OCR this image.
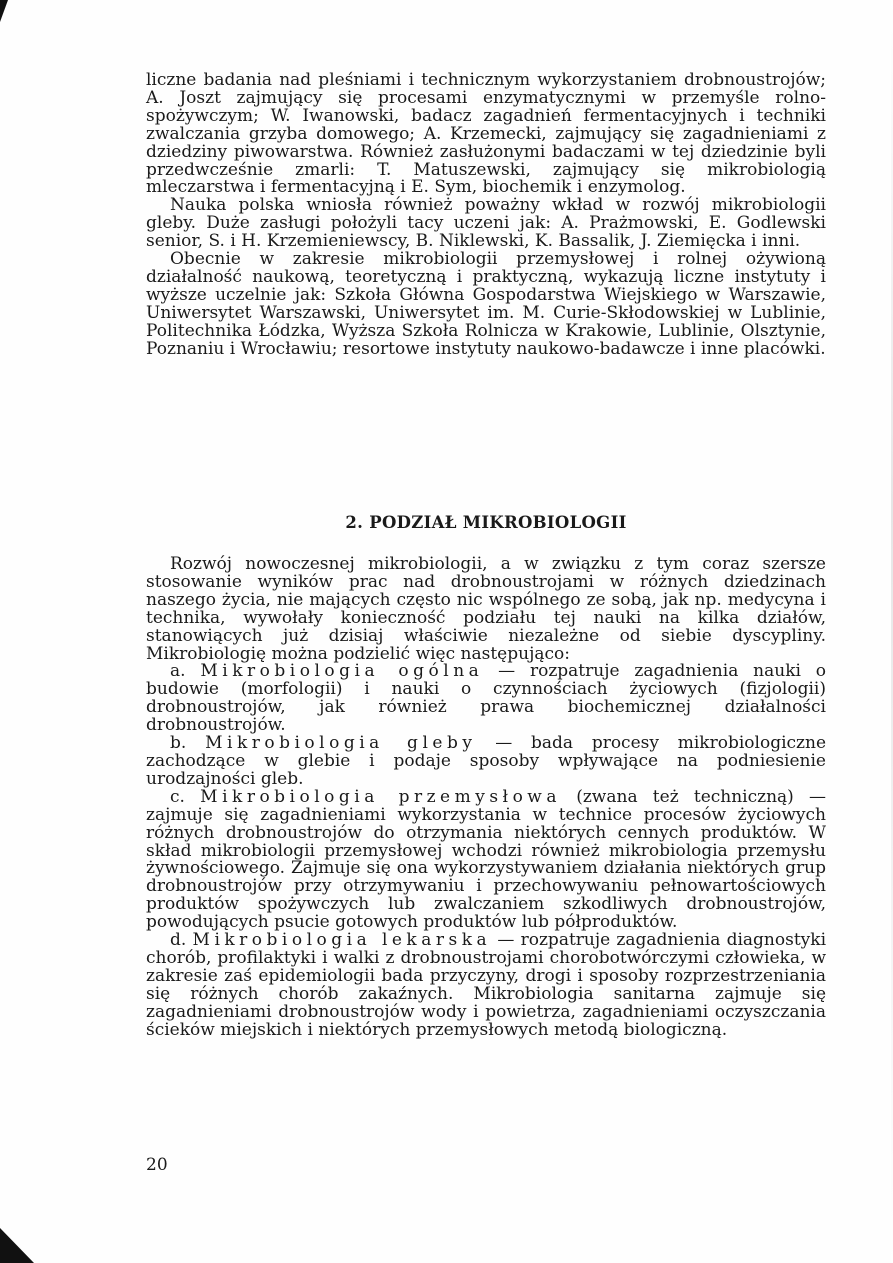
liczne badania nad pleśniami i technicznym wykorzystaniem drobnoustrojów; A. Joszt zajmujący się procesami enzymatycznymi w przemyśle rolno-spożywczym; W. Iwanowski, badacz zagadnień fermentacyjnych i techniki zwalczania grzyba domowego; A. Krzemecki, zajmujący się zagadnieniami z dziedziny piwowarstwa. Również zasłużonymi badaczami w tej dziedzinie byli przedwcześnie zmarli: T. Matuszewski, zajmujący się mikrobiologią mleczarstwa i fermentacyjną i E. Sym, biochemik i enzymolog.

Nauka polska wniosła również poważny wkład w rozwój mikrobiologii gleby. Duże zasługi położyli tacy uczeni jak: A. Prażmowski, E. Godlewski senior, S. i H. Krzemieniewscy, B. Niklewski, K. Bassalik, J. Ziemięcka i inni.

Obecnie w zakresie mikrobiologii przemysłowej i rolnej ożywioną działalność naukową, teoretyczną i praktyczną, wykazują liczne instytuty i wyższe uczelnie jak: Szkoła Główna Gospodarstwa Wiejskiego w Warszawie, Uniwersytet Warszawski, Uniwersytet im. M. Curie-Skłodowskiej w Lublinie, Politechnika Łódzka, Wyższa Szkoła Rolnicza w Krakowie, Lublinie, Olsztynie, Poznaniu i Wrocławiu; resortowe instytuty naukowo-badawcze i inne placówki.

2. PODZIAŁ MIKROBIOLOGII

Rozwój nowoczesnej mikrobiologii, a w związku z tym coraz szersze stosowanie wyników prac nad drobnoustrojami w różnych dziedzinach naszego życia, nie mających często nic wspólnego ze sobą, jak np. medycyna i technika, wywołały konieczność podziału tej nauki na kilka działów, stanowiących już dzisiaj właściwie niezależne od siebie dyscypliny. Mikrobiologię można podzielić więc następująco:

a. Mikrobiologia ogólna — rozpatruje zagadnienia nauki o budowie (morfologii) i nauki o czynnościach życiowych (fizjologii) drobnoustrojów, jak również prawa biochemicznej działalności drobnoustrojów.

b. Mikrobiologia gleby — bada procesy mikrobiologiczne zachodzące w glebie i podaje sposoby wpływające na podniesienie urodzajności gleb.

c. Mikrobiologia przemysłowa (zwana też techniczną) — zajmuje się zagadnieniami wykorzystania w technice procesów życiowych różnych drobnoustrojów do otrzymania niektórych cennych produktów. W skład mikrobiologii przemysłowej wchodzi również mikrobiologia przemysłu żywnościowego. Zajmuje się ona wykorzystywaniem działania niektórych grup drobnoustrojów przy otrzymywaniu i przechowywaniu pełnowartościowych produktów spożywczych lub zwalczaniem szkodliwych drobnoustrojów, powodujących psucie gotowych produktów lub półproduktów.

d. Mikrobiologia lekarska — rozpatruje zagadnienia diagnostyki chorób, profilaktyki i walki z drobnoustrojami chorobotwórczymi człowieka, w zakresie zaś epidemiologii bada przyczyny, drogi i sposoby rozprzestrzeniania się różnych chorób zakaźnych. Mikrobiologia sanitarna zajmuje się zagadnieniami drobnoustrojów wody i powietrza, zagadnieniami oczyszczania ścieków miejskich i niektórych przemysłowych metodą biologiczną.

20
